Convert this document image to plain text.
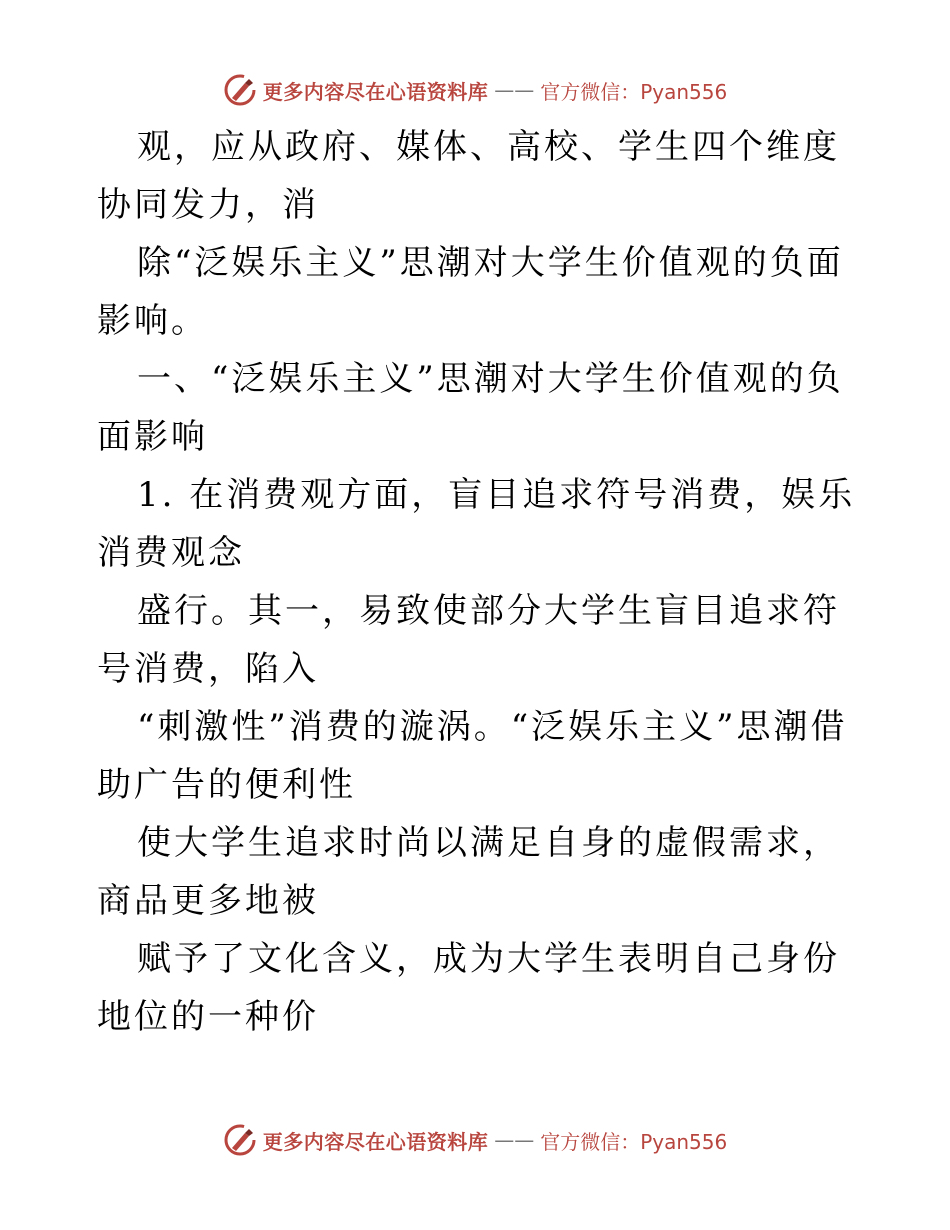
更多内容尽在心语资料库 —— 官方微信：Pyan556

观，应从政府、媒体、高校、学生四个维度协同发力，消

除“泛娱乐主义”思潮对大学生价值观的负面影响。

一、“泛娱乐主义”思潮对大学生价值观的负面影响

1. 在消费观方面，盲目追求符号消费，娱乐消费观念

盛行。其一，易致使部分大学生盲目追求符号消费，陷入

“刺激性”消费的漩涡。“泛娱乐主义”思潮借助广告的便利性

使大学生追求时尚以满足自身的虚假需求，商品更多地被

赋予了文化含义，成为大学生表明自己身份地位的一种价

更多内容尽在心语资料库 —— 官方微信：Pyan556
